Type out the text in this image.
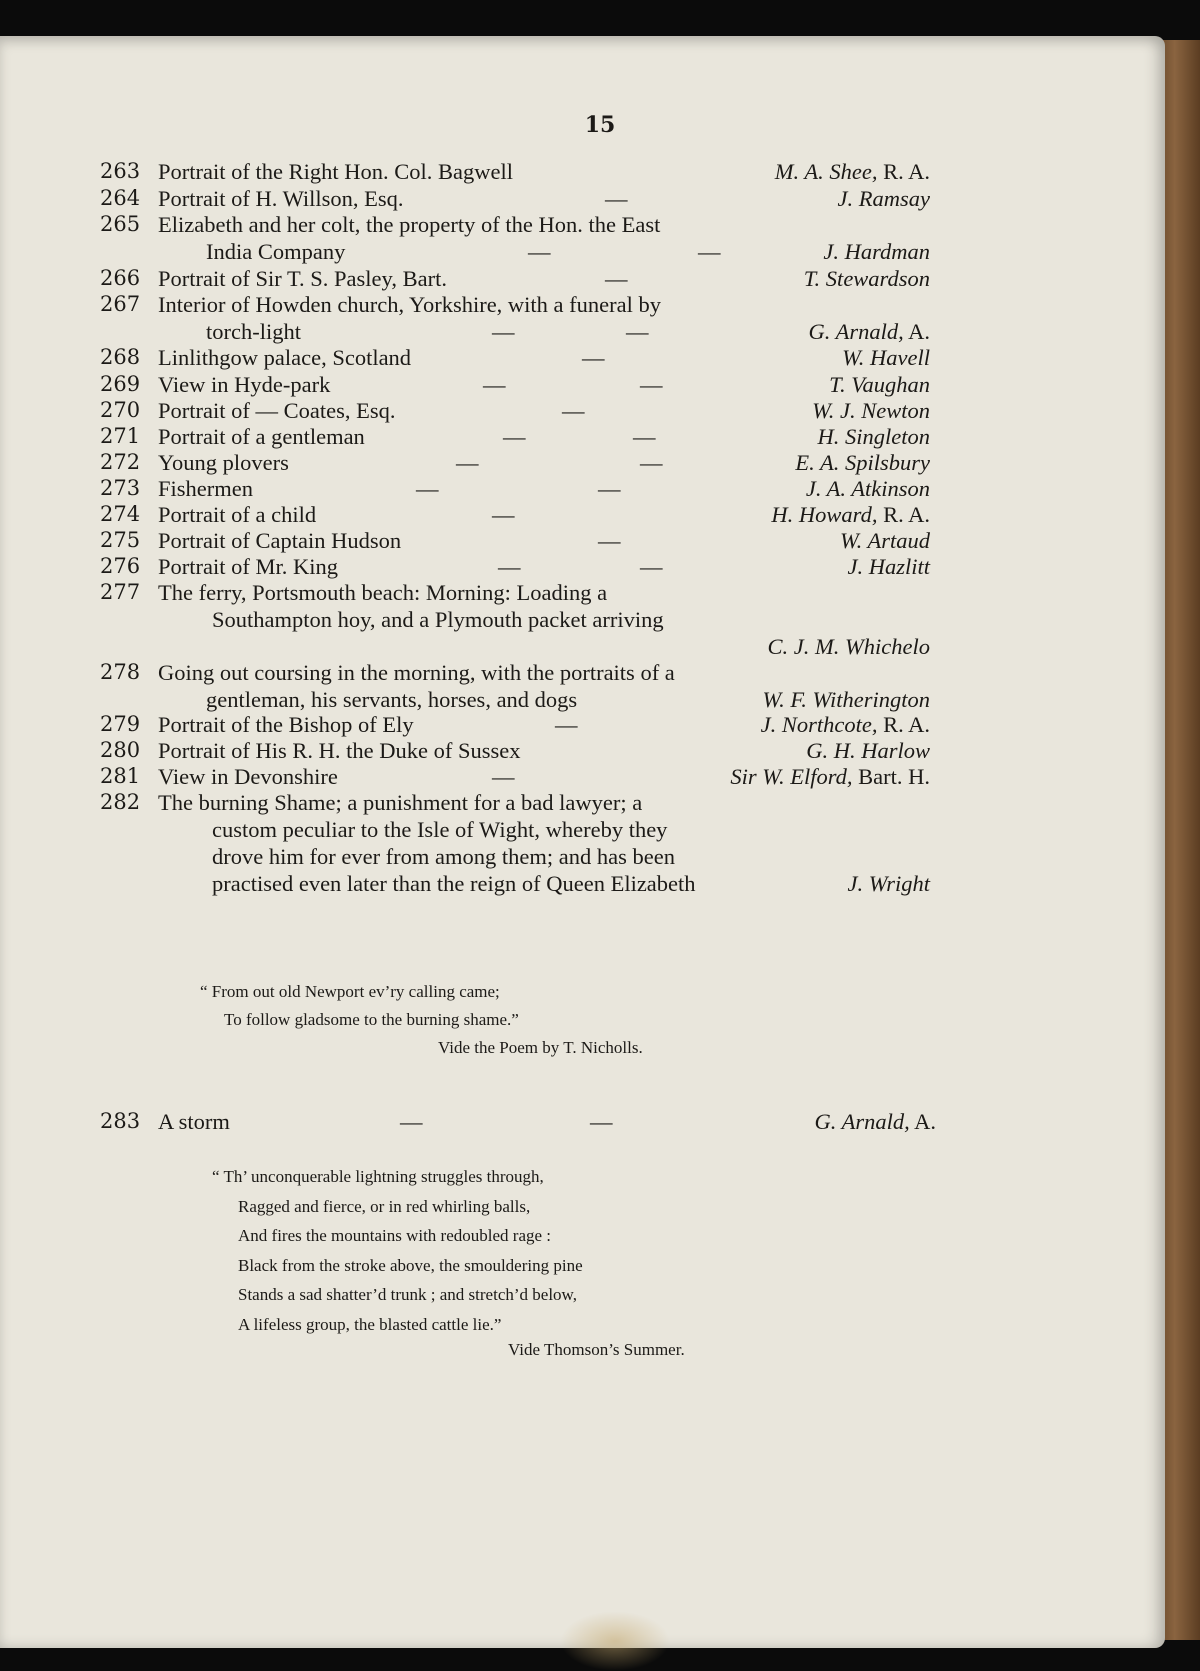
15
263 Portrait of the Right Hon. Col. Bagwell	M. A. Shee, R. A.
264 Portrait of H. Willson, Esq.	—	J. Ramsay
265 Elizabeth and her colt, the property of the Hon. the East
India Company	—	—	J. Hardman
266 Portrait of Sir T. S. Pasley, Bart.	—	T. Stewardson
267 Interior of Howden church, Yorkshire, with a funeral by
torch-light	—	—	G. Arnald, A.
268 Linlithgow palace, Scotland	—	W. Havell
269 View in Hyde-park	—	—	T. Vaughan
270 Portrait of — Coates, Esq.	—	W. J. Newton
271 Portrait of a gentleman	—	—	H. Singleton
272 Young plovers	—	—	E. A. Spilsbury
273 Fishermen	—	—	J. A. Atkinson
274 Portrait of a child	—	H. Howard, R. A.
275 Portrait of Captain Hudson	—	W. Artaud
276 Portrait of Mr. King	—	—	J. Hazlitt
277 The ferry, Portsmouth beach: Morning: Loading a
Southampton hoy, and a Plymouth packet arriving
C. J. M. Whichelo
278 Going out coursing in the morning, with the portraits of a
gentleman, his servants, horses, and dogs	W. F. Witherington
279 Portrait of the Bishop of Ely	—	J. Northcote, R. A.
280 Portrait of His R. H. the Duke of Sussex	G. H. Harlow
281 View in Devonshire	—	Sir W. Elford, Bart. H.
282 The burning Shame; a punishment for a bad lawyer; a
custom peculiar to the Isle of Wight, whereby they
drove him for ever from among them; and has been
practised even later than the reign of Queen Elizabeth	J. Wright
“ From out old Newport ev’ry calling came;
To follow gladsome to the burning shame.”
Vide the Poem by T. Nicholls.
283 A storm	—	—	G. Arnald, A.
“ Th’ unconquerable lightning struggles through,
Ragged and fierce, or in red whirling balls,
And fires the mountains with redoubled rage :
Black from the stroke above, the smouldering pine
Stands a sad shatter’d trunk ; and stretch’d below,
A lifeless group, the blasted cattle lie.”
Vide Thomson’s Summer.
